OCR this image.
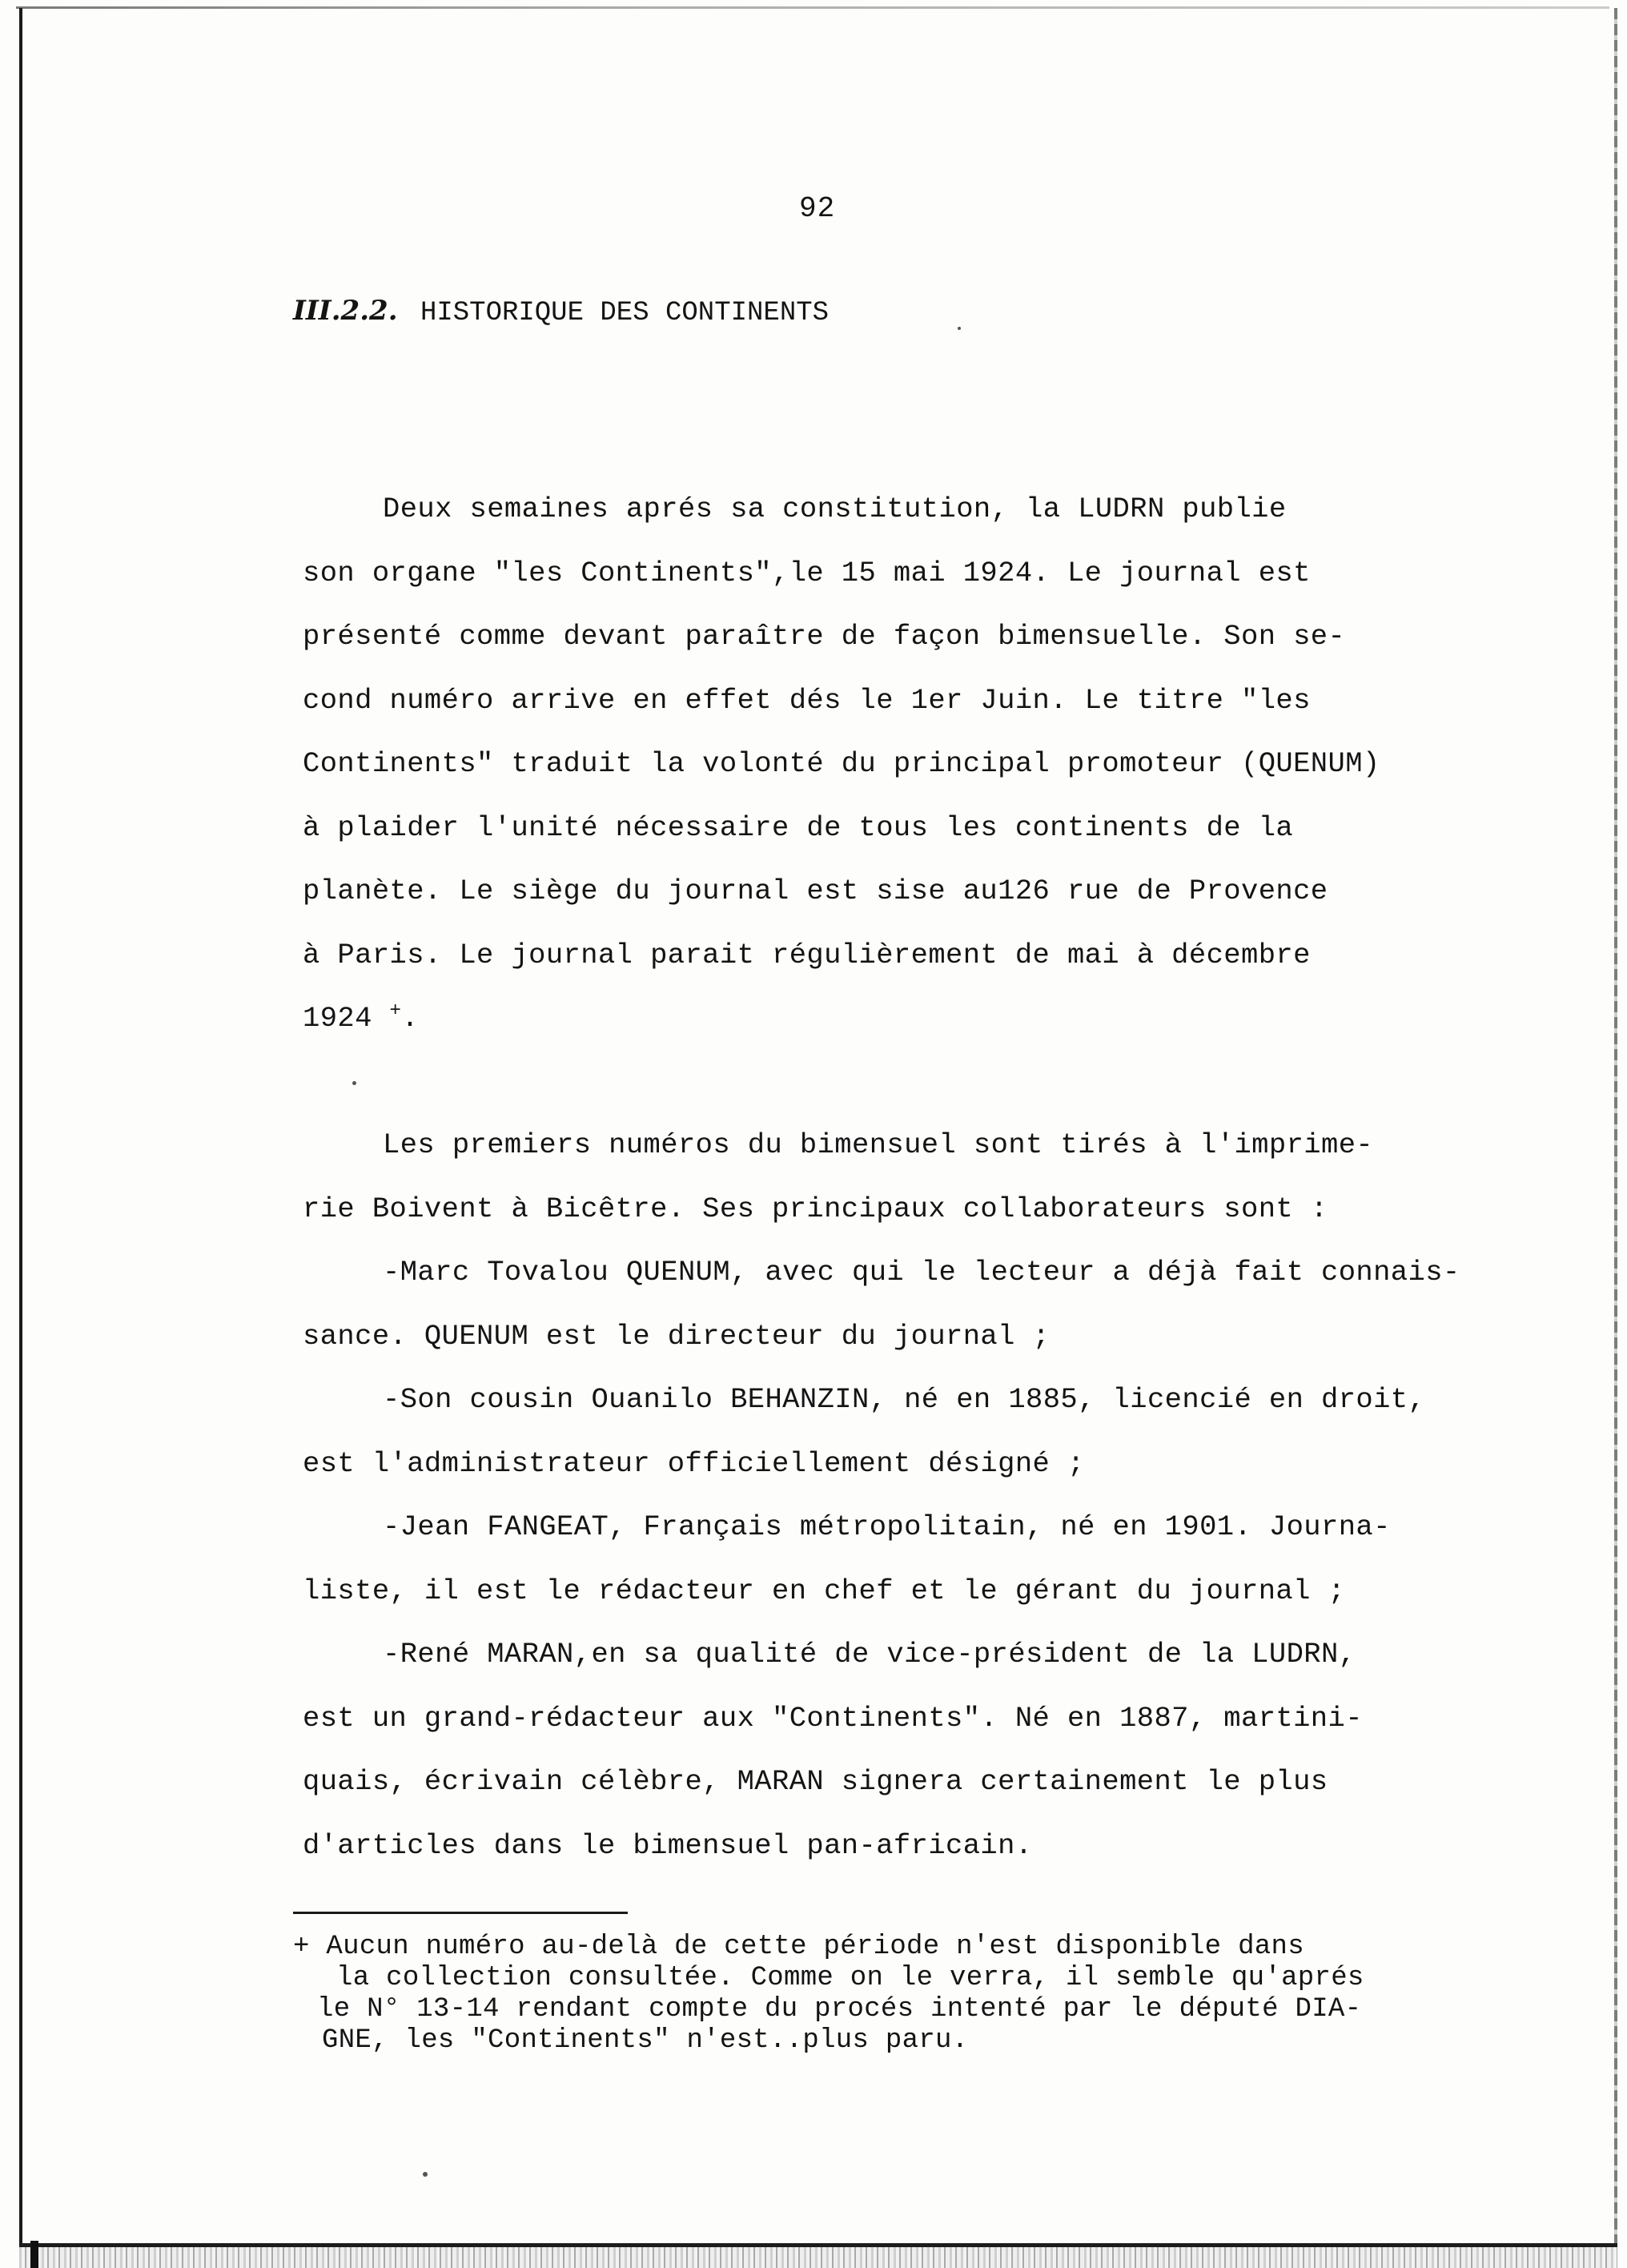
92
III.2.2. HISTORIQUE DES CONTINENTS
Deux semaines aprés sa constitution, la LUDRN publie
son organe "les Continents",le 15 mai 1924. Le journal est
présenté comme devant paraître de façon bimensuelle. Son se-
cond numéro arrive en effet dés le 1er Juin. Le titre "les
Continents" traduit la volonté du principal promoteur (QUENUM)
à plaider l'unité nécessaire de tous les continents de la
planète. Le siège du journal est sise au126 rue de Provence
à Paris. Le journal parait régulièrement de mai à décembre
1924 +.
Les premiers numéros du bimensuel sont tirés à l'imprime-
rie Boivent à Bicêtre. Ses principaux collaborateurs sont :
-Marc Tovalou QUENUM, avec qui le lecteur a déjà fait connais-
sance. QUENUM est le directeur du journal ;
-Son cousin Ouanilo BEHANZIN, né en 1885, licencié en droit,
est l'administrateur officiellement désigné ;
-Jean FANGEAT, Français métropolitain, né en 1901. Journa-
liste, il est le rédacteur en chef et le gérant du journal ;
-René MARAN,en sa qualité de vice-président de la LUDRN,
est un grand-rédacteur aux "Continents". Né en 1887, martini-
quais, écrivain célèbre, MARAN signera certainement le plus
d'articles dans le bimensuel pan-africain.
+ Aucun numéro au-delà de cette période n'est disponible dans
la collection consultée. Comme on le verra, il semble qu'aprés
le N° 13-14 rendant compte du procés intenté par le député DIA-
GNE, les "Continents" n'est..plus paru.
